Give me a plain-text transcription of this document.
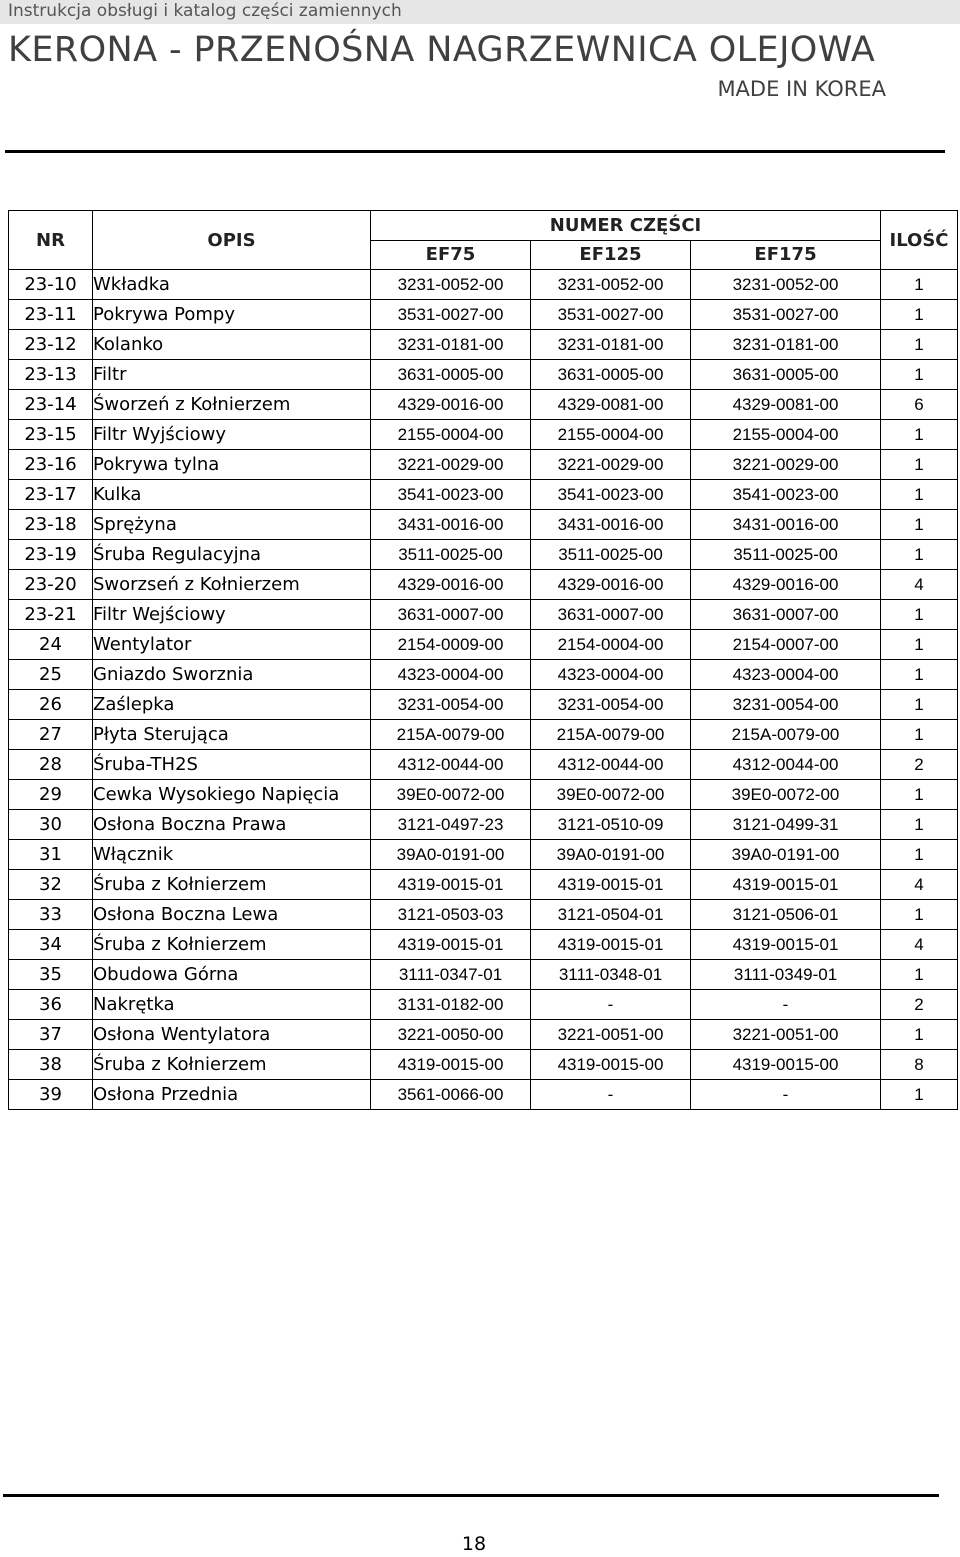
Instrukcja obsługi i katalog części zamiennych
KERONA - PRZENOŚNA NAGRZEWNICA OLEJOWA
MADE IN KOREA
NR	OPIS	NUMER CZĘŚCI			ILOŚĆ
		EF75	EF125	EF175	
23-10	Wkładka	3231-0052-00	3231-0052-00	3231-0052-00	1
23-11	Pokrywa Pompy	3531-0027-00	3531-0027-00	3531-0027-00	1
23-12	Kolanko	3231-0181-00	3231-0181-00	3231-0181-00	1
23-13	Filtr	3631-0005-00	3631-0005-00	3631-0005-00	1
23-14	Śworzeń z Kołnierzem	4329-0016-00	4329-0081-00	4329-0081-00	6
23-15	Filtr Wyjściowy	2155-0004-00	2155-0004-00	2155-0004-00	1
23-16	Pokrywa tylna	3221-0029-00	3221-0029-00	3221-0029-00	1
23-17	Kulka	3541-0023-00	3541-0023-00	3541-0023-00	1
23-18	Sprężyna	3431-0016-00	3431-0016-00	3431-0016-00	1
23-19	Śruba Regulacyjna	3511-0025-00	3511-0025-00	3511-0025-00	1
23-20	Sworzseń z Kołnierzem	4329-0016-00	4329-0016-00	4329-0016-00	4
23-21	Filtr Wejściowy	3631-0007-00	3631-0007-00	3631-0007-00	1
24	Wentylator	2154-0009-00	2154-0004-00	2154-0007-00	1
25	Gniazdo Sworznia	4323-0004-00	4323-0004-00	4323-0004-00	1
26	Zaślepka	3231-0054-00	3231-0054-00	3231-0054-00	1
27	Płyta Sterująca	215A-0079-00	215A-0079-00	215A-0079-00	1
28	Śruba-TH2S	4312-0044-00	4312-0044-00	4312-0044-00	2
29	Cewka Wysokiego Napięcia	39E0-0072-00	39E0-0072-00	39E0-0072-00	1
30	Osłona Boczna Prawa	3121-0497-23	3121-0510-09	3121-0499-31	1
31	Włącznik	39A0-0191-00	39A0-0191-00	39A0-0191-00	1
32	Śruba z Kołnierzem	4319-0015-01	4319-0015-01	4319-0015-01	4
33	Osłona Boczna Lewa	3121-0503-03	3121-0504-01	3121-0506-01	1
34	Śruba z Kołnierzem	4319-0015-01	4319-0015-01	4319-0015-01	4
35	Obudowa Górna	3111-0347-01	3111-0348-01	3111-0349-01	1
36	Nakrętka	3131-0182-00	-	-	2
37	Osłona Wentylatora	3221-0050-00	3221-0051-00	3221-0051-00	1
38	Śruba z Kołnierzem	4319-0015-00	4319-0015-00	4319-0015-00	8
39	Osłona Przednia	3561-0066-00	-	-	1
18
